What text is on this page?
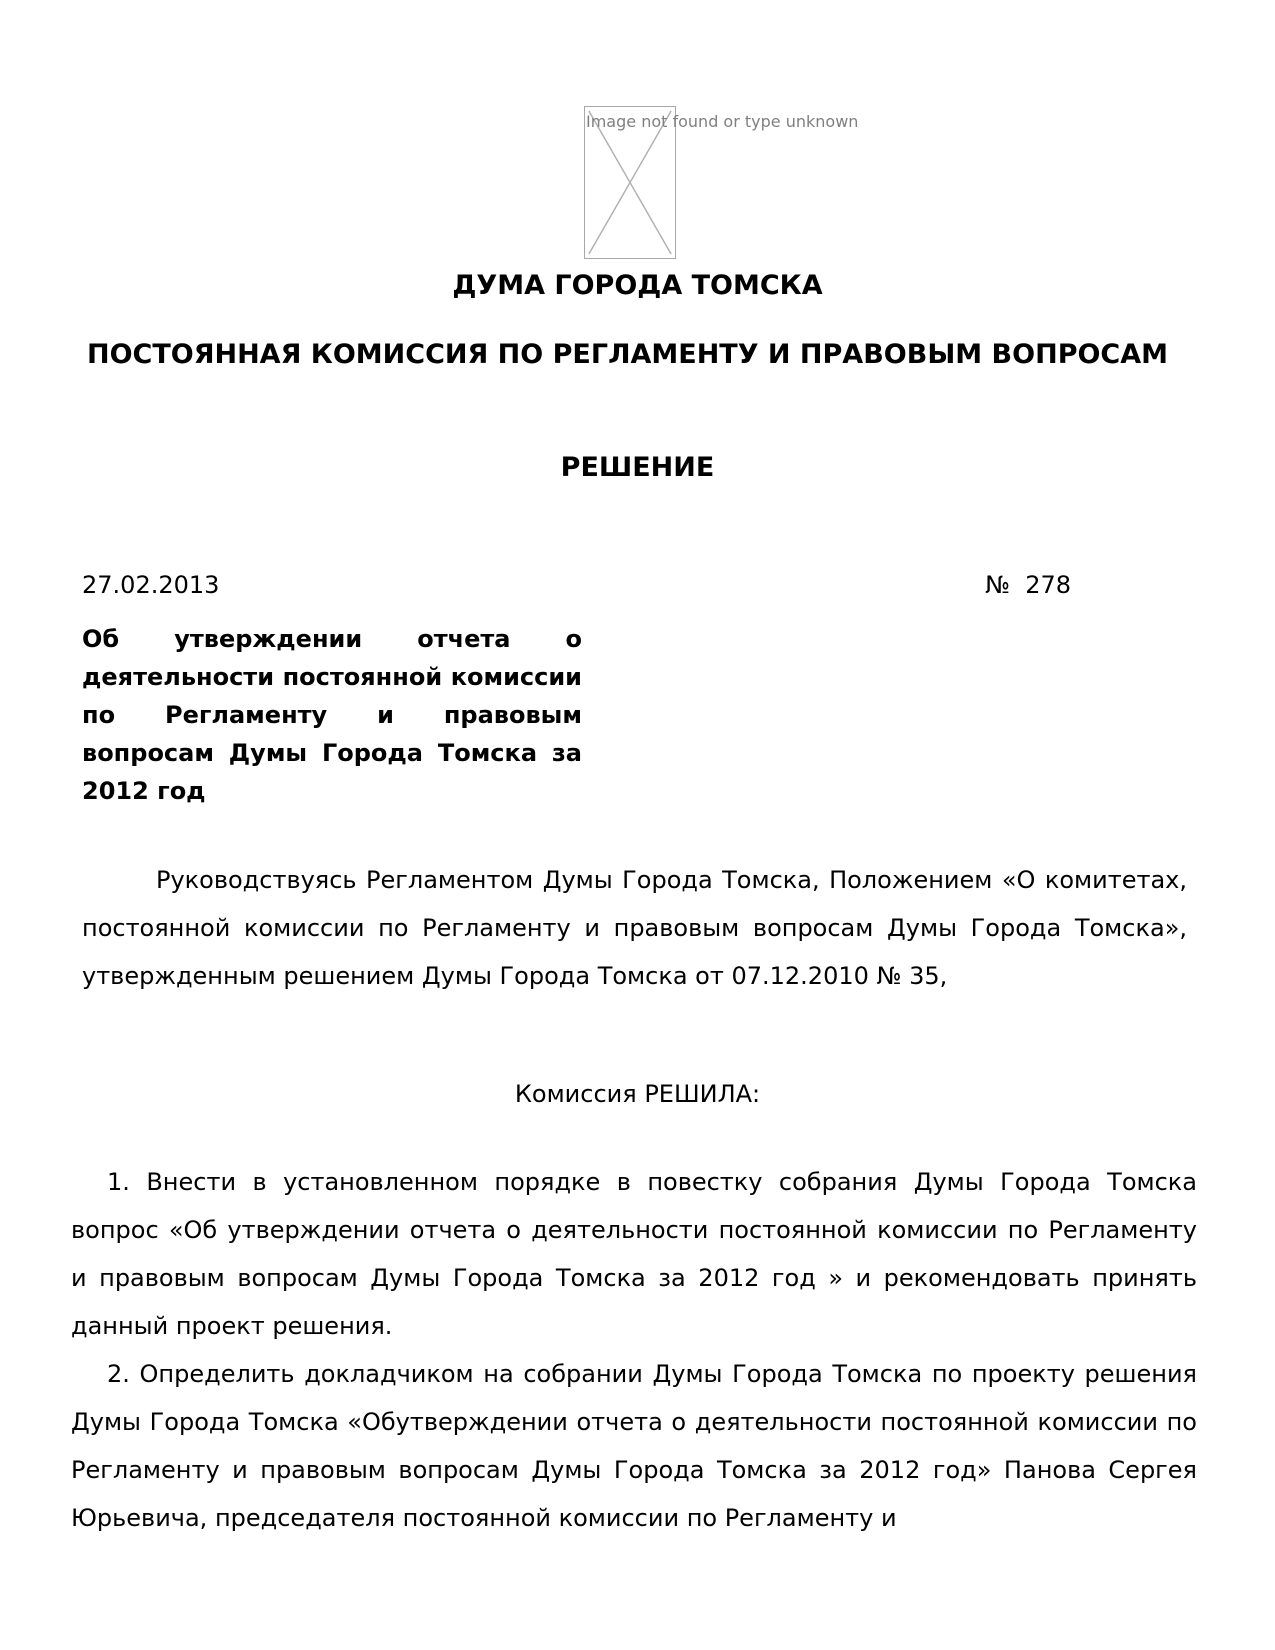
Image not found or type unknown
ДУМА ГОРОДА ТОМСКА
ПОСТОЯННАЯ КОМИССИЯ ПО РЕГЛАМЕНТУ И ПРАВОВЫМ ВОПРОСАМ
РЕШЕНИЕ
27.02.2013	№  278
Об утверждении отчета о деятельности постоянной комиссии по Регламенту и правовым вопросам Думы Города Томска за 2012 год
Руководствуясь Регламентом Думы Города Томска, Положением «О комитетах, постоянной комиссии по Регламенту и правовым вопросам Думы Города Томска», утвержденным решением Думы Города Томска от 07.12.2010 № 35,
Комиссия РЕШИЛА:

1. Внести в установленном порядке в повестку собрания Думы Города Томска вопрос «Об утверждении отчета о деятельности постоянной комиссии по Регламенту и правовым вопросам Думы Города Томска за 2012 год » и рекомендовать принять данный проект решения.

2. Определить докладчиком на собрании Думы Города Томска по проекту решения Думы Города Томска «Обутверждении отчета о деятельности постоянной комиссии по Регламенту и правовым вопросам Думы Города Томска за 2012 год» Панова Сергея Юрьевича, председателя постоянной комиссии по Регламенту и
